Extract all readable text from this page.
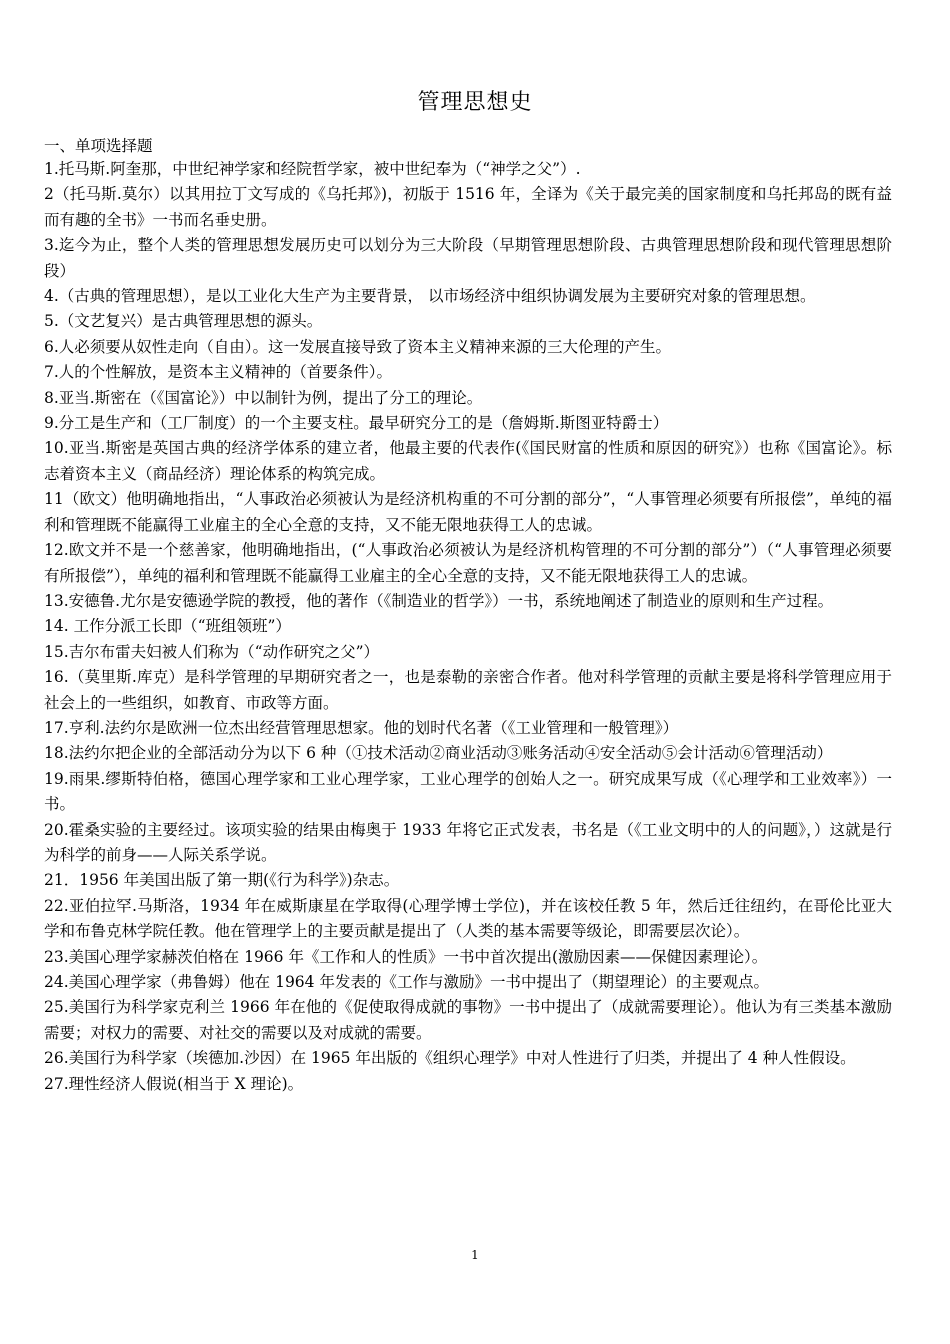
管理思想史
一、单项选择题

1.托马斯.阿奎那，中世纪神学家和经院哲学家，被中世纪奉为（“神学之父”）.

2（托马斯.莫尔）以其用拉丁文写成的《乌托邦》)，初版于 1516 年，全译为《关于最完美的国家制度和乌托邦岛的既有益而有趣的全书》一书而名垂史册。

3.迄今为止，整个人类的管理思想发展历史可以划分为三大阶段（早期管理思想阶段、古典管理思想阶段和现代管理思想阶段）

4.（古典的管理思想），是以工业化大生产为主要背景， 以市场经济中组织协调发展为主要研究对象的管理思想。

5.（文艺复兴）是古典管理思想的源头。

6.人必须要从奴性走向（自由）。这一发展直接导致了资本主义精神来源的三大伦理的产生。

7.人的个性解放，是资本主义精神的（首要条件）。

8.亚当.斯密在（《国富论》）中以制针为例，提出了分工的理论。

9.分工是生产和（工厂制度）的一个主要支柱。最早研究分工的是（詹姆斯.斯图亚特爵士）

10.亚当.斯密是英国古典的经济学体系的建立者，他最主要的代表作(《国民财富的性质和原因的研究》）也称《国富论》。标志着资本主义（商品经济）理论体系的构筑完成。

11（欧文）他明确地指出，“人事政治必须被认为是经济机构重的不可分割的部分”，“人事管理必须要有所报偿”，单纯的福利和管理既不能赢得工业雇主的全心全意的支持，又不能无限地获得工人的忠诚。

12.欧文并不是一个慈善家，他明确地指出，(“人事政治必须被认为是经济机构管理的不可分割的部分”）（“人事管理必须要有所报偿”），单纯的福利和管理既不能赢得工业雇主的全心全意的支持，又不能无限地获得工人的忠诚。

13.安德鲁.尤尔是安德逊学院的教授，他的著作（《制造业的哲学》）一书，系统地阐述了制造业的原则和生产过程。

14. 工作分派工长即（“班组领班”）

15.吉尔布雷夫妇被人们称为（“动作研究之父”）

16.（莫里斯.库克）是科学管理的早期研究者之一，也是泰勒的亲密合作者。他对科学管理的贡献主要是将科学管理应用于社会上的一些组织，如教育、市政等方面。

17.亨利.法约尔是欧洲一位杰出经营管理思想家。他的划时代名著（《工业管理和一般管理》）

18.法约尔把企业的全部活动分为以下 6 种（①技术活动②商业活动③账务活动④安全活动⑤会计活动⑥管理活动）

19.雨果.缪斯特伯格，德国心理学家和工业心理学家，工业心理学的创始人之一。研究成果写成（《心理学和工业效率》）一书。

20.霍桑实验的主要经过。该项实验的结果由梅奥于 1933 年将它正式发表，书名是（《工业文明中的人的问题》，）这就是行为科学的前身——人际关系学说。

21．1956 年美国出版了第一期(《行为科学》)杂志。

22.亚伯拉罕.马斯洛，1934 年在威斯康星在学取得(心理学博士学位)，并在该校任教 5 年，然后迁往纽约，在哥伦比亚大学和布鲁克林学院任教。他在管理学上的主要贡献是提出了（人类的基本需要等级论，即需要层次论）。

23.美国心理学家赫茨伯格在 1966 年《工作和人的性质》一书中首次提出(激励因素——保健因素理论）。

24.美国心理学家（弗鲁姆）他在 1964 年发表的《工作与激励》一书中提出了（期望理论）的主要观点。

25.美国行为科学家克利兰 1966 年在他的《促使取得成就的事物》一书中提出了（成就需要理论）。他认为有三类基本激励需要；对权力的需要、对社交的需要以及对成就的需要。

26.美国行为科学家（埃德加.沙因）在 1965 年出版的《组织心理学》中对人性进行了归类，并提出了 4 种人性假设。

27.理性经济人假说(相当于 X 理论)。

1
